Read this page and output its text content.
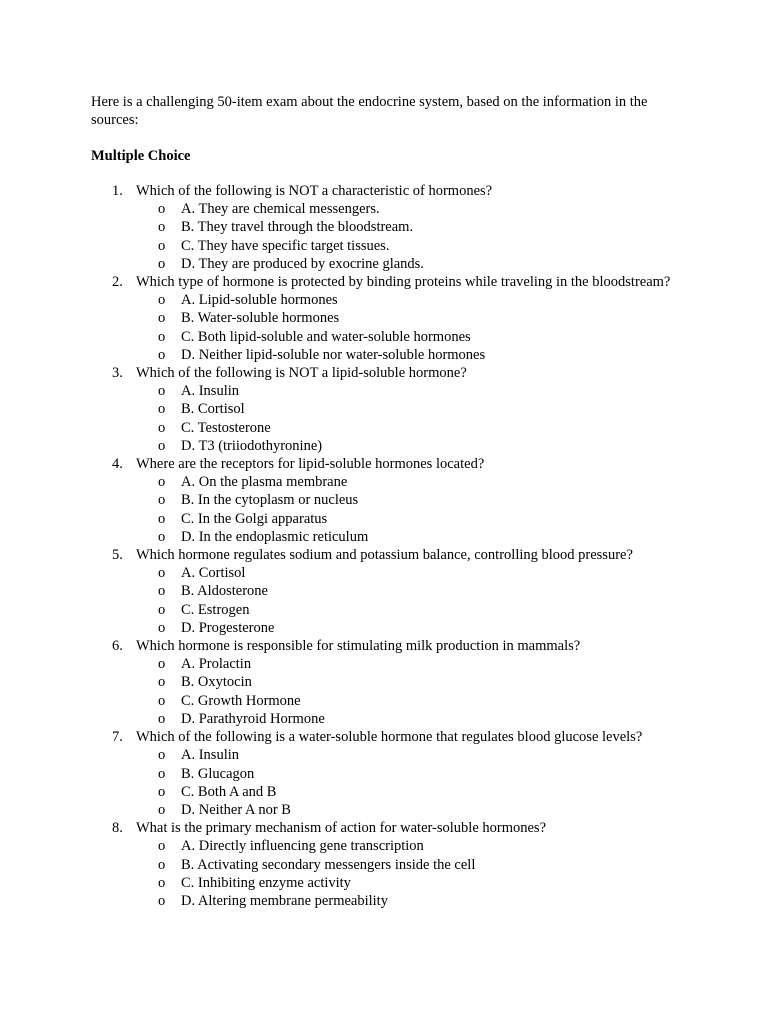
Here is a challenging 50-item exam about the endocrine system, based on the information in the sources:

Multiple Choice

1. Which of the following is NOT a characteristic of hormones?
o A. They are chemical messengers.
o B. They travel through the bloodstream.
o C. They have specific target tissues.
o D. They are produced by exocrine glands.
2. Which type of hormone is protected by binding proteins while traveling in the bloodstream?
o A. Lipid-soluble hormones
o B. Water-soluble hormones
o C. Both lipid-soluble and water-soluble hormones
o D. Neither lipid-soluble nor water-soluble hormones
3. Which of the following is NOT a lipid-soluble hormone?
o A. Insulin
o B. Cortisol
o C. Testosterone
o D. T3 (triiodothyronine)
4. Where are the receptors for lipid-soluble hormones located?
o A. On the plasma membrane
o B. In the cytoplasm or nucleus
o C. In the Golgi apparatus
o D. In the endoplasmic reticulum
5. Which hormone regulates sodium and potassium balance, controlling blood pressure?
o A. Cortisol
o B. Aldosterone
o C. Estrogen
o D. Progesterone
6. Which hormone is responsible for stimulating milk production in mammals?
o A. Prolactin
o B. Oxytocin
o C. Growth Hormone
o D. Parathyroid Hormone
7. Which of the following is a water-soluble hormone that regulates blood glucose levels?
o A. Insulin
o B. Glucagon
o C. Both A and B
o D. Neither A nor B
8. What is the primary mechanism of action for water-soluble hormones?
o A. Directly influencing gene transcription
o B. Activating secondary messengers inside the cell
o C. Inhibiting enzyme activity
o D. Altering membrane permeability
